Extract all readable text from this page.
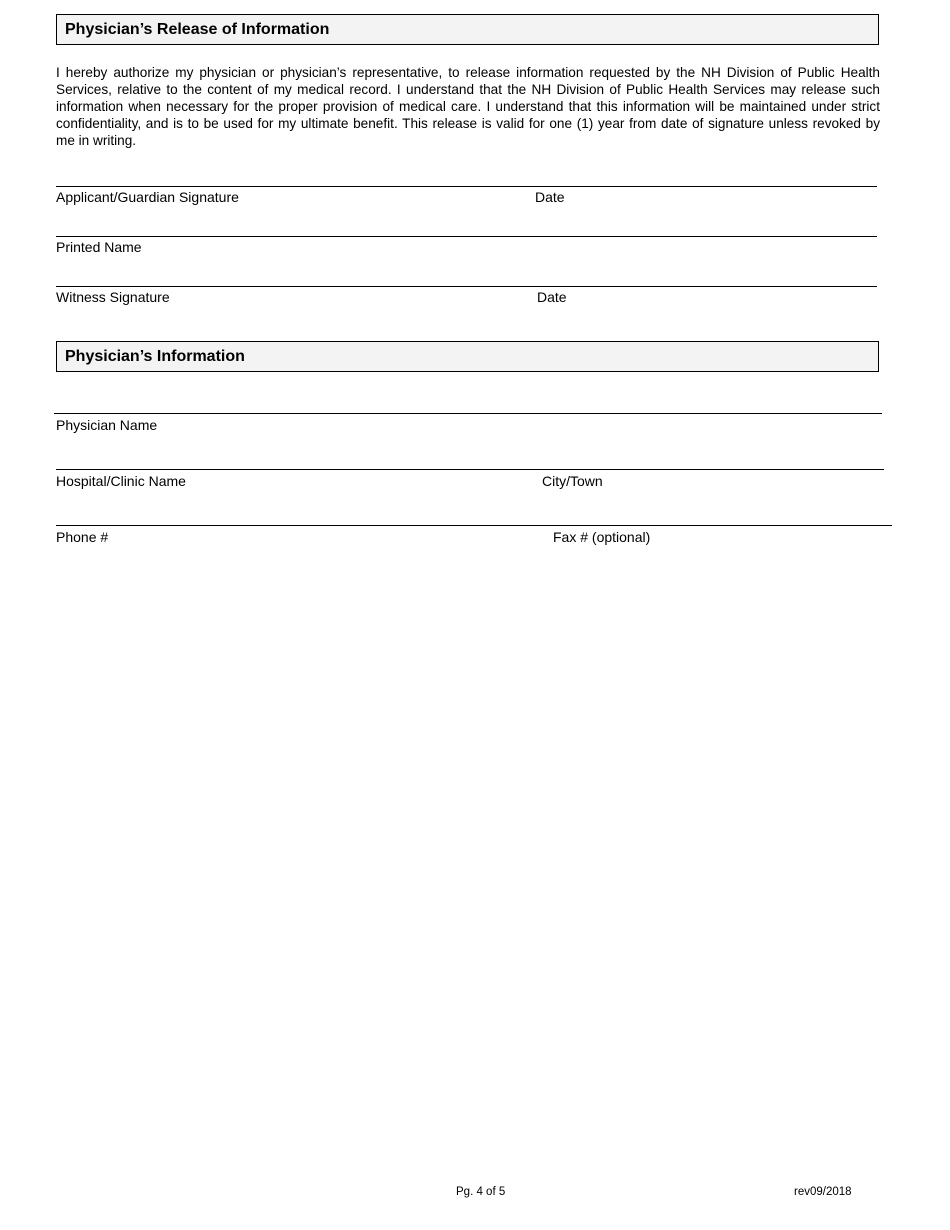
Physician’s Release of Information
I hereby authorize my physician or physician’s representative, to release information requested by the NH Division of Public Health Services, relative to the content of my medical record. I understand that the NH Division of Public Health Services may release such information when necessary for the proper provision of medical care. I understand that this information will be maintained under strict confidentiality, and is to be used for my ultimate benefit. This release is valid for one (1) year from date of signature unless revoked by me in writing.
Applicant/Guardian Signature	Date
Printed Name
Witness Signature	Date
Physician’s Information
Physician Name
Hospital/Clinic Name	City/Town
Phone #	Fax # (optional)
Pg. 4 of 5	rev09/2018
